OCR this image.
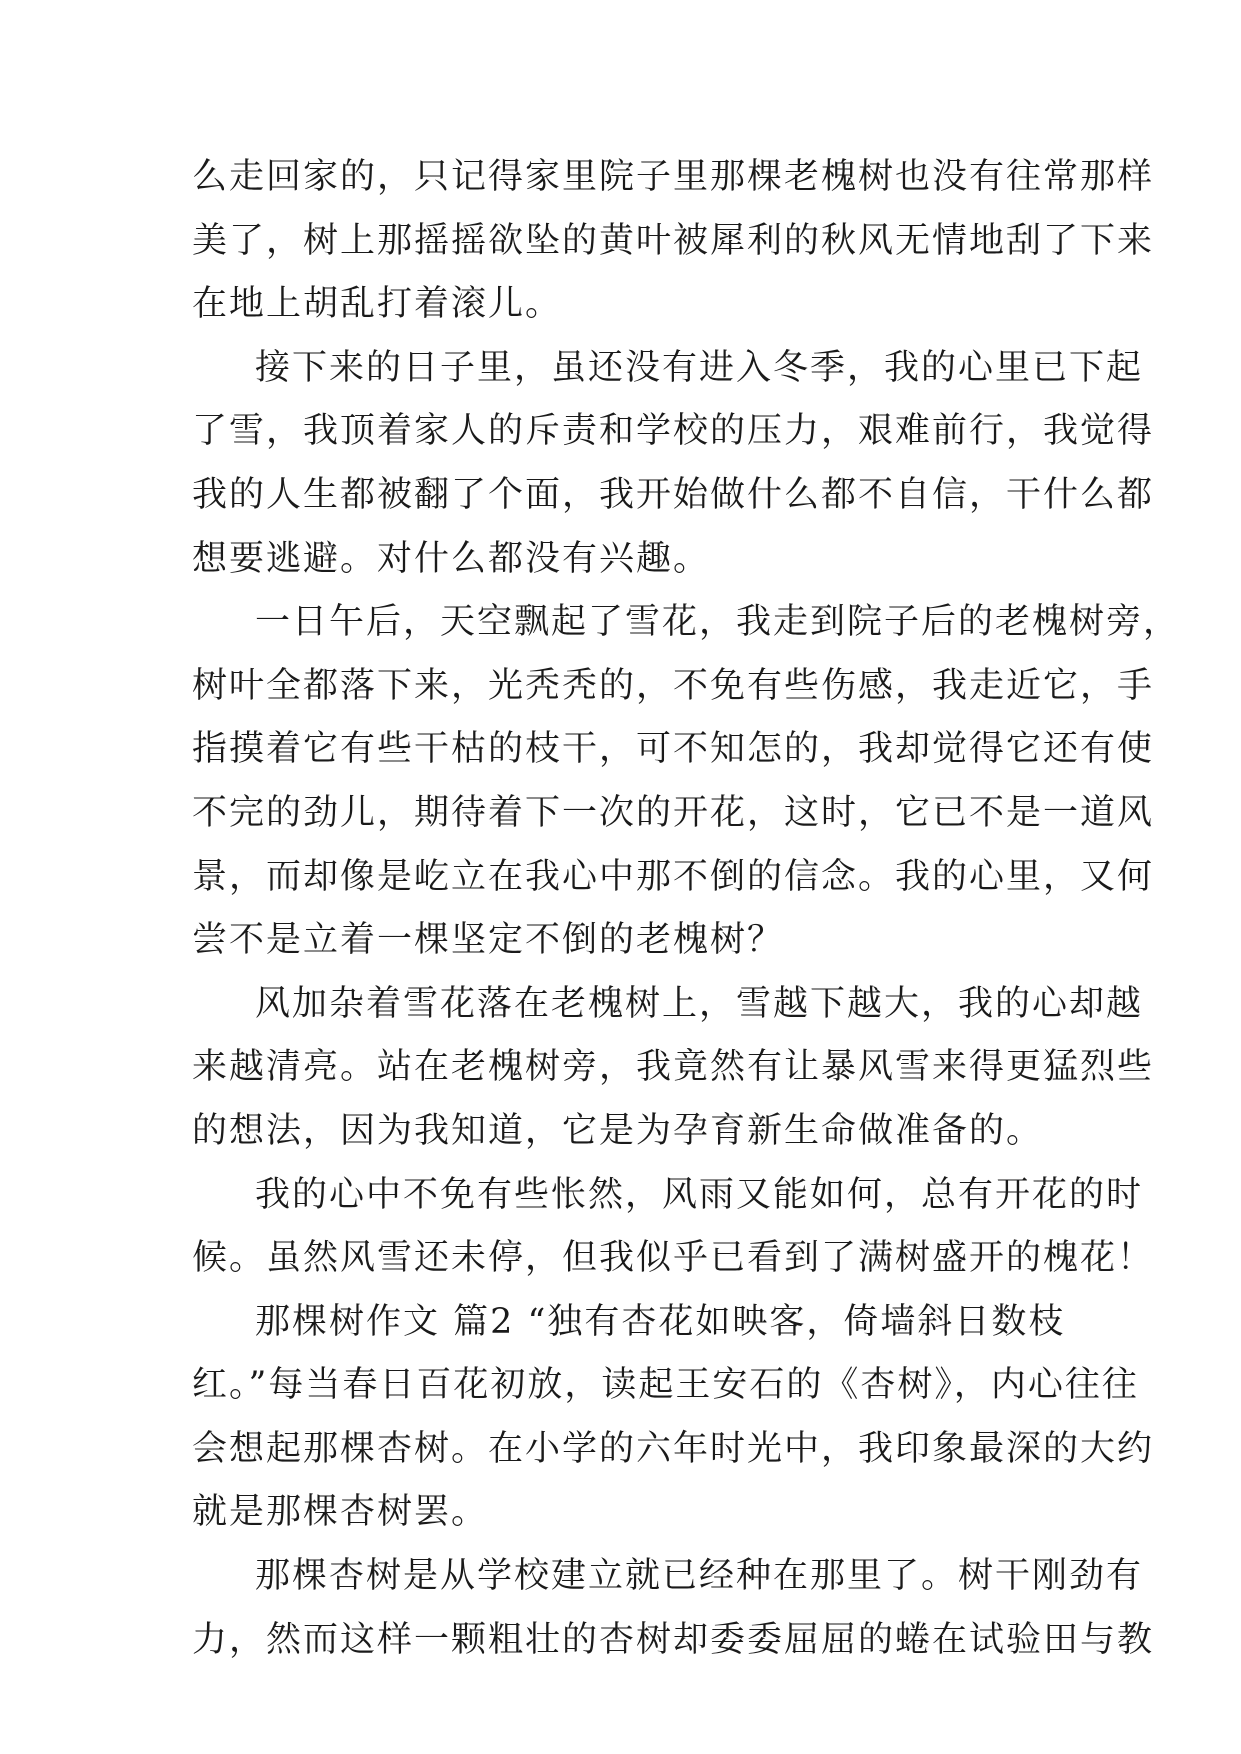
么走回家的，只记得家里院子里那棵老槐树也没有往常那样
美了，树上那摇摇欲坠的黄叶被犀利的秋风无情地刮了下来
在地上胡乱打着滚儿。
接下来的日子里，虽还没有进入冬季，我的心里已下起
了雪，我顶着家人的斥责和学校的压力，艰难前行，我觉得
我的人生都被翻了个面，我开始做什么都不自信，干什么都
想要逃避。对什么都没有兴趣。
一日午后，天空飘起了雪花，我走到院子后的老槐树旁，
树叶全都落下来，光秃秃的，不免有些伤感，我走近它，手
指摸着它有些干枯的枝干，可不知怎的，我却觉得它还有使
不完的劲儿，期待着下一次的开花，这时，它已不是一道风
景，而却像是屹立在我心中那不倒的信念。我的心里，又何
尝不是立着一棵坚定不倒的老槐树？
风加杂着雪花落在老槐树上，雪越下越大，我的心却越
来越清亮。站在老槐树旁，我竟然有让暴风雪来得更猛烈些
的想法，因为我知道，它是为孕育新生命做准备的。
我的心中不免有些怅然，风雨又能如何，总有开花的时
候。虽然风雪还未停，但我似乎已看到了满树盛开的槐花！
那棵树作文 篇2 “独有杏花如映客，倚墙斜日数枝
红。”每当春日百花初放，读起王安石的《杏树》，内心往往
会想起那棵杏树。在小学的六年时光中，我印象最深的大约
就是那棵杏树罢。
那棵杏树是从学校建立就已经种在那里了。树干刚劲有
力，然而这样一颗粗壮的杏树却委委屈屈的蜷在试验田与教
